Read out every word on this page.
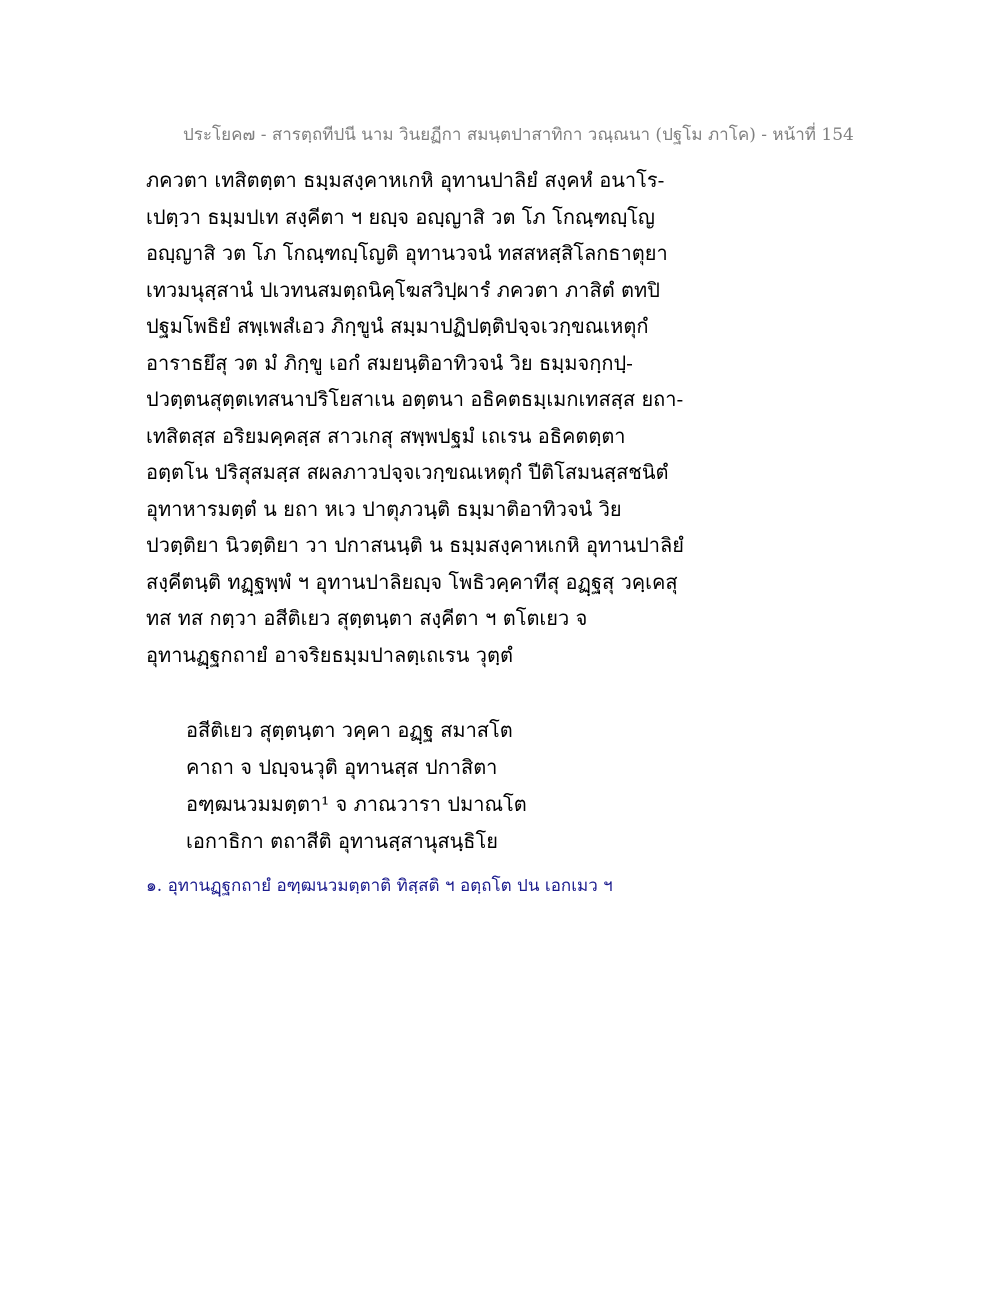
ประโยค๗ - สารตฺถทีปนี นาม วินยฏีกา สมนฺตปาสาทิกา วณฺณนา (ปฐโม ภาโค) - หน้าที่ 154
ภควตา เทสิตตฺตา ธมฺมสงฺคาหเกหิ อุทานปาลิยํ สงฺคหํ อนาโร-
เปตฺวา ธมฺมปเท สงฺคีตา ฯ ยญฺจ อญฺญาสิ วต โภ โกณฺฑญฺโญ
อญฺญาสิ วต โภ โกณฺฑญฺโญติ อุทานวจนํ ทสสหสฺสิโลกธาตุยา
เทวมนุสฺสานํ ปเวทนสมตฺถนิคฺโฆสวิปฺผารํ ภควตา ภาสิตํ ตทปิ
ปฐมโพธิยํ สพฺเพสํเอว ภิกฺขูนํ สมฺมาปฏิปตฺติปจฺจเวกฺขณเหตุกํ
อาราธยึสุ วต มํ ภิกฺขู เอกํ สมยนฺติอาทิวจนํ วิย ธมฺมจกฺกปฺ-
ปวตฺตนสุตฺตเทสนาปริโยสาเน อตฺตนา อธิคตธมฺเมกเทสสฺส ยถา-
เทสิตสฺส อริยมคฺคสฺส สาวเกสุ สพฺพปฐมํ เถเรน อธิคตตฺตา
อตฺตโน ปริสุสมสฺส สผลภาวปจฺจเวกฺขณเหตุกํ ปีติโสมนสฺสชนิตํ
อุทาหารมตฺตํ น ยถา หเว ปาตุภวนฺติ ธมฺมาติอาทิวจนํ วิย
ปวตฺติยา นิวตฺติยา วา ปกาสนนฺติ น ธมฺมสงฺคาหเกหิ อุทานปาลิยํ
สงฺคีตนฺติ ทฏฺฐพฺพํ ฯ อุทานปาลิยญฺจ โพธิวคฺคาทีสุ อฏฺฐสุ วคฺเคสุ
ทส ทส กตฺวา อสีติเยว สุตฺตนฺตา สงฺคีตา ฯ ตโตเยว จ
อุทานฏฺฐกถายํ อาจริยธมฺมปาลตฺเถเรน วุตฺตํ
อสีติเยว สุตฺตนฺตา วคฺคา อฏฺฐ สมาสโต
คาถา จ ปญฺจนวุติ อุทานสฺส ปกาสิตา
อฑฺฒนวมมตฺตา¹ จ ภาณวารา ปมาณโต
เอกาธิกา ตถาสีติ อุทานสฺสานุสนฺธิโย
๑. อุทานฏฺฐกถายํ อฑฺฒนวมตฺตาติ ทิสฺสติ ฯ อตฺถโต ปน เอกเมว ฯ
